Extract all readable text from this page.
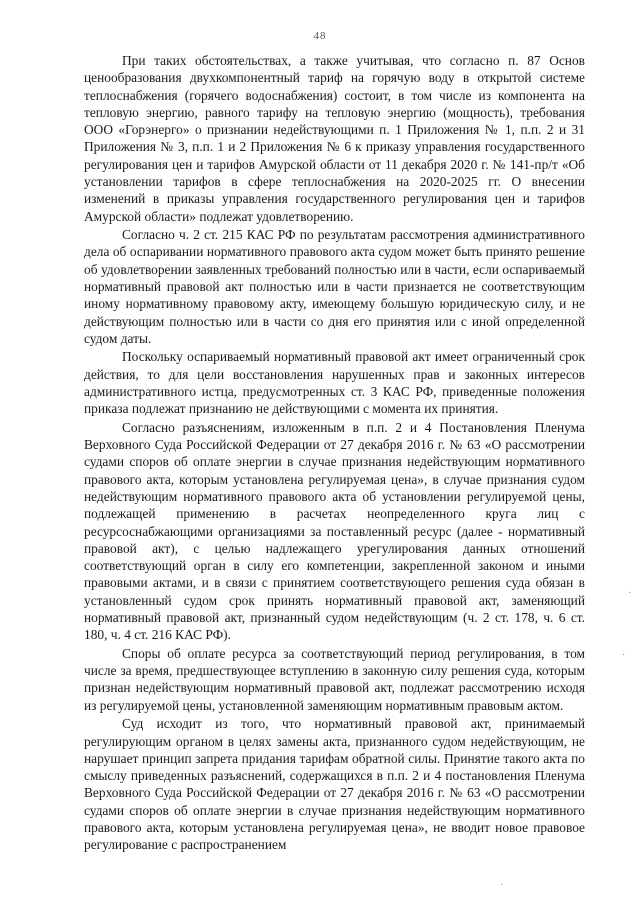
48

При таких обстоятельствах, а также учитывая, что согласно п. 87 Основ ценообразования двухкомпонентный тариф на горячую воду в открытой системе теплоснабжения (горячего водоснабжения) состоит, в том числе из компонента на тепловую энергию, равного тарифу на тепловую энергию (мощность), требования ООО «Горэнерго» о признании недействующими п. 1 Приложения № 1, п.п. 2 и 31 Приложения № 3, п.п. 1 и 2 Приложения № 6 к приказу управления государственного регулирования цен и тарифов Амурской области от 11 декабря 2020 г. № 141-пр/т «Об установлении тарифов в сфере теплоснабжения на 2020-2025 гг. О внесении изменений в приказы управления государственного регулирования цен и тарифов Амурской области» подлежат удовлетворению.

Согласно ч. 2 ст. 215 КАС РФ по результатам рассмотрения административного дела об оспаривании нормативного правового акта судом может быть принято решение об удовлетворении заявленных требований полностью или в части, если оспариваемый нормативный правовой акт полностью или в части признается не соответствующим иному нормативному правовому акту, имеющему большую юридическую силу, и не действующим полностью или в части со дня его принятия или с иной определенной судом даты.

Поскольку оспариваемый нормативный правовой акт имеет ограниченный срок действия, то для цели восстановления нарушенных прав и законных интересов административного истца, предусмотренных ст. 3 КАС РФ, приведенные положения приказа подлежат признанию не действующими с момента их принятия.

Согласно разъяснениям, изложенным в п.п. 2 и 4 Постановления Пленума Верховного Суда Российской Федерации от 27 декабря 2016 г. № 63 «О рассмотрении судами споров об оплате энергии в случае признания недействующим нормативного правового акта, которым установлена регулируемая цена», в случае признания судом недействующим нормативного правового акта об установлении регулируемой цены, подлежащей применению в расчетах неопределенного круга лиц с ресурсоснабжающими организациями за поставленный ресурс (далее - нормативный правовой акт), с целью надлежащего урегулирования данных отношений соответствующий орган в силу его компетенции, закрепленной законом и иными правовыми актами, и в связи с принятием соответствующего решения суда обязан в установленный судом срок принять нормативный правовой акт, заменяющий нормативный правовой акт, признанный судом недействующим (ч. 2 ст. 178, ч. 6 ст. 180, ч. 4 ст. 216 КАС РФ).

Споры об оплате ресурса за соответствующий период регулирования, в том числе за время, предшествующее вступлению в законную силу решения суда, которым признан недействующим нормативный правовой акт, подлежат рассмотрению исходя из регулируемой цены, установленной заменяющим нормативным правовым актом.

Суд исходит из того, что нормативный правовой акт, принимаемый регулирующим органом в целях замены акта, признанного судом недействующим, не нарушает принцип запрета придания тарифам обратной силы. Принятие такого акта по смыслу приведенных разъяснений, содержащихся в п.п. 2 и 4 постановления Пленума Верховного Суда Российской Федерации от 27 декабря 2016 г. № 63 «О рассмотрении судами споров об оплате энергии в случае признания недействующим нормативного правового акта, которым установлена регулируемая цена», не вводит новое правовое регулирование с распространением

·
·
·
